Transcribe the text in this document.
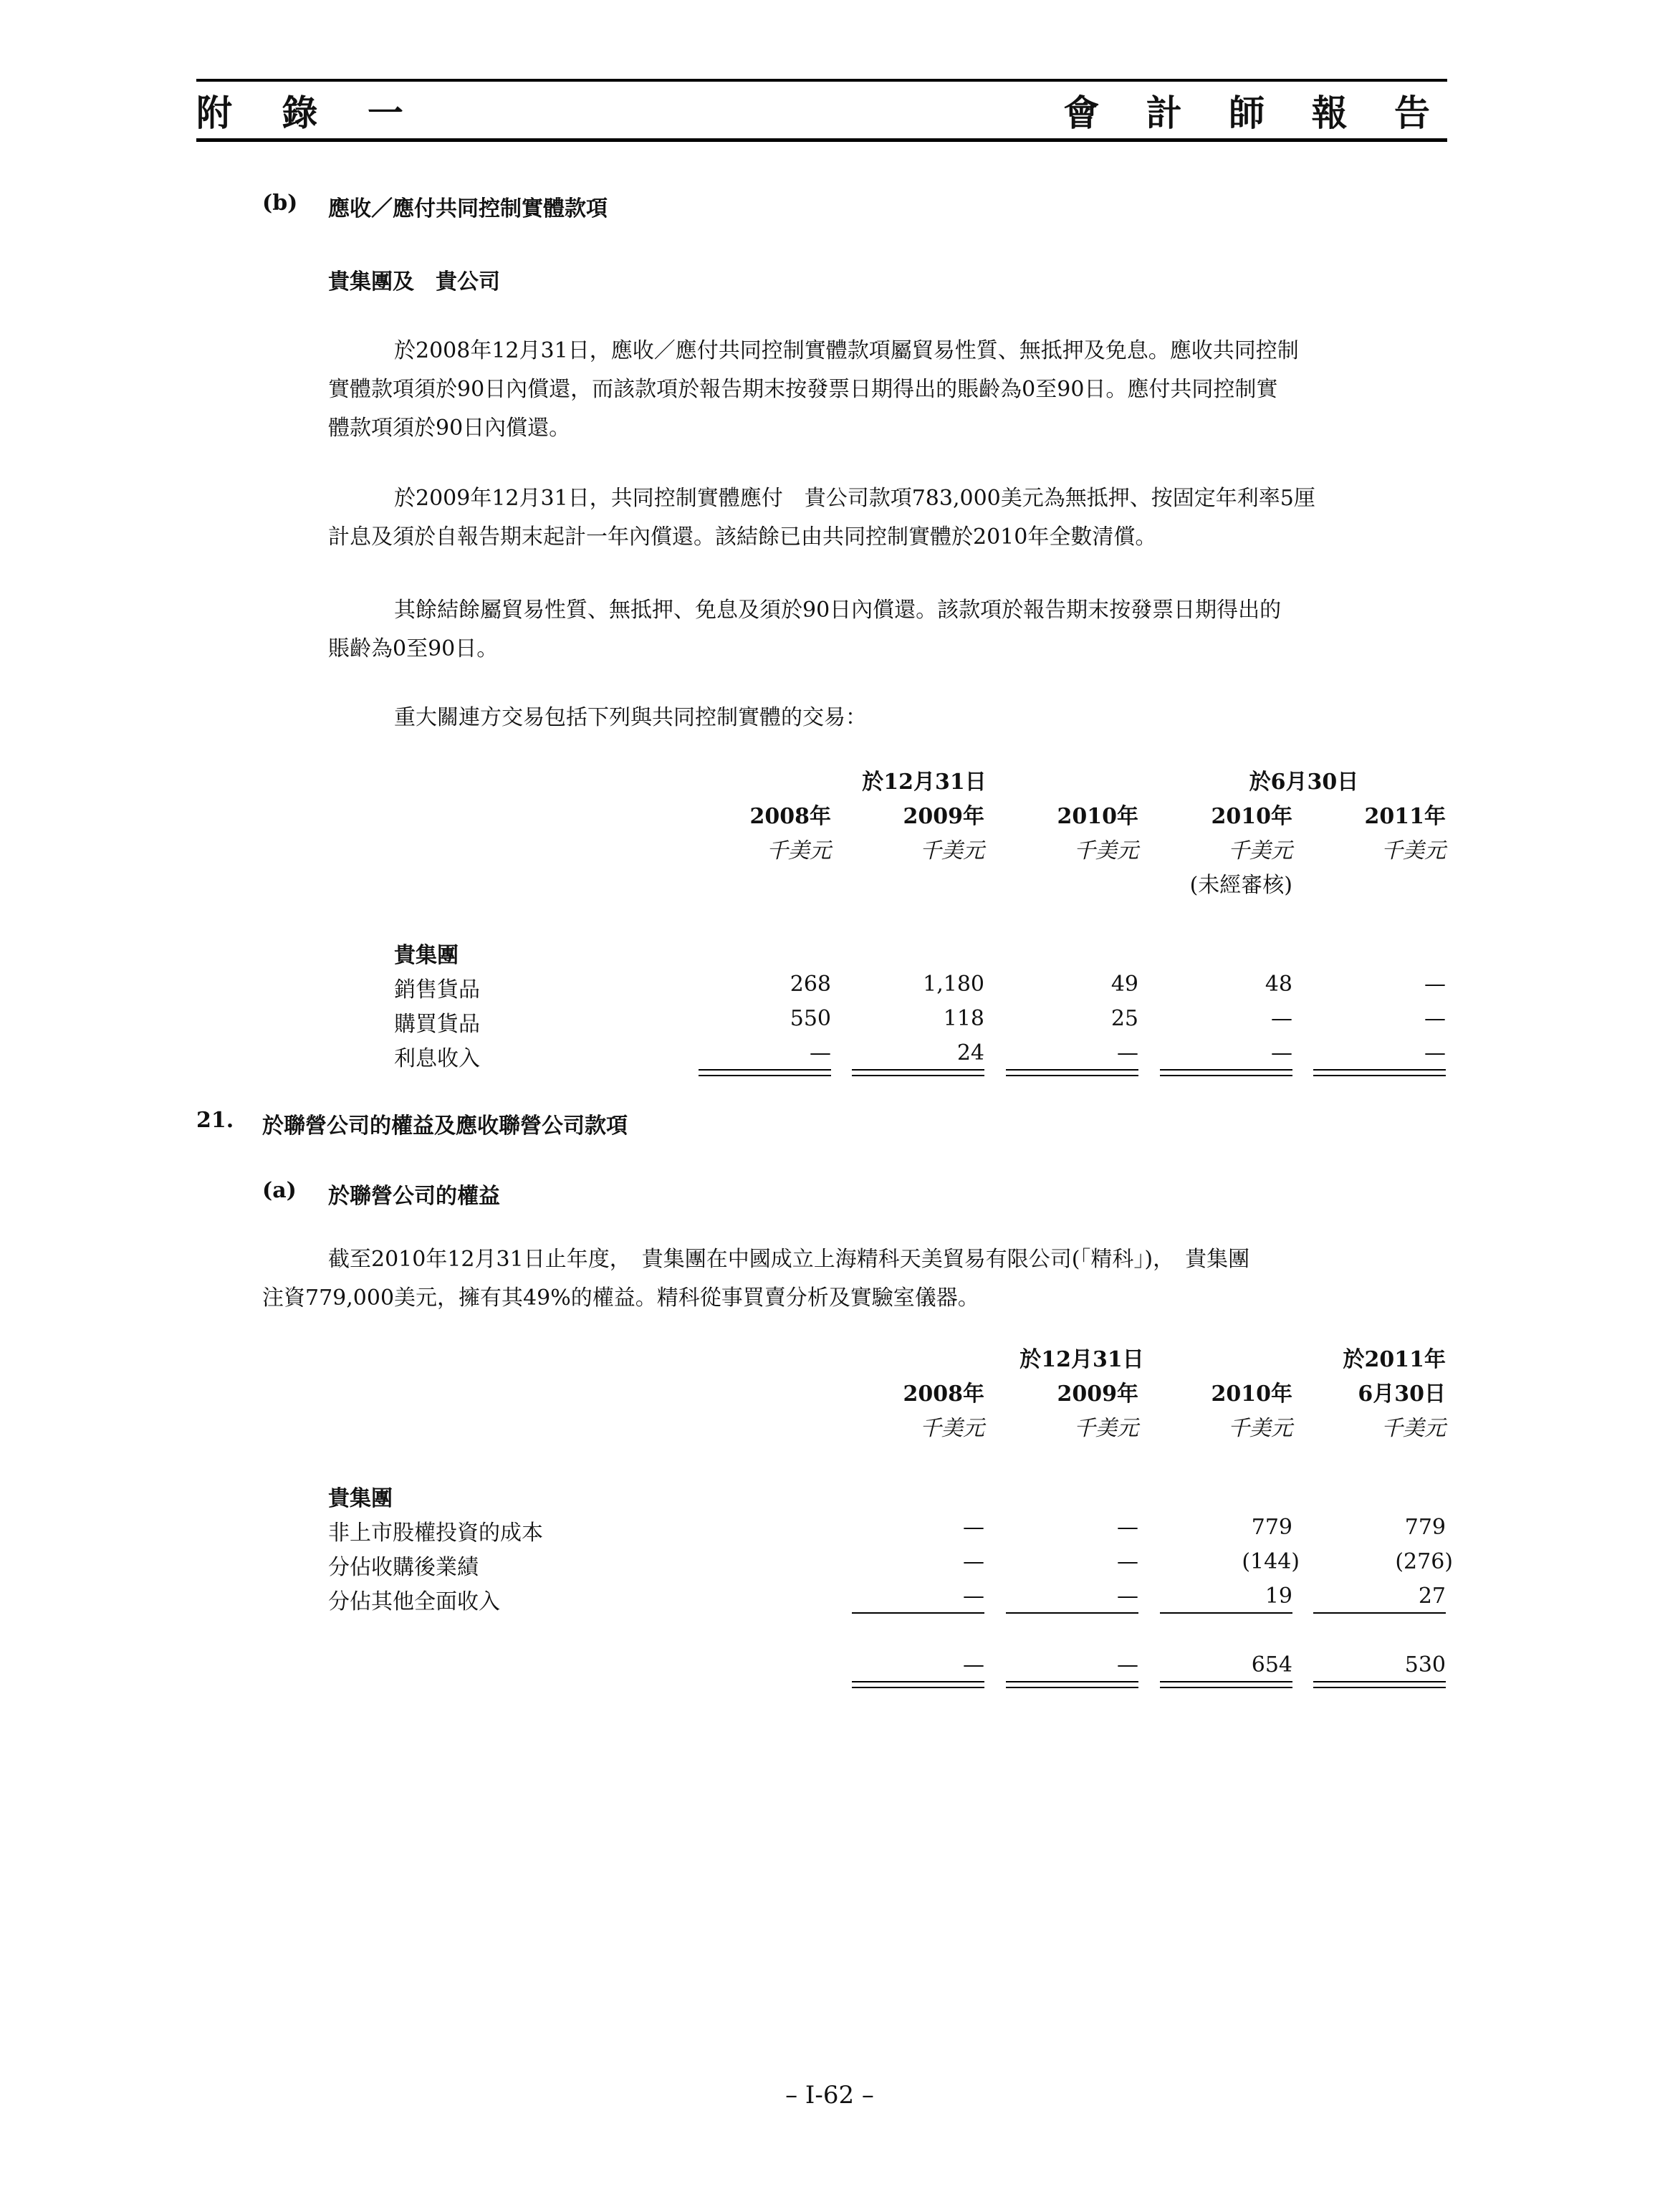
附 錄 一	會 計 師 報 告
(b) 應收／應付共同控制實體款項
貴集團及　貴公司
於2008年12月31日，應收／應付共同控制實體款項屬貿易性質、無抵押及免息。應收共同控制
實體款項須於90日內償還，而該款項於報告期末按發票日期得出的賬齡為0至90日。應付共同控制實
體款項須於90日內償還。
於2009年12月31日，共同控制實體應付　貴公司款項783,000美元為無抵押、按固定年利率5厘
計息及須於自報告期末起計一年內償還。該結餘已由共同控制實體於2010年全數清償。
其餘結餘屬貿易性質、無抵押、免息及須於90日內償還。該款項於報告期末按發票日期得出的
賬齡為0至90日。
重大關連方交易包括下列與共同控制實體的交易：
於12月31日	於6月30日
2008年	2009年	2010年	2010年	2011年
千美元	千美元	千美元	千美元	千美元
(未經審核)
貴集團
銷售貨品	268	1,180	49	48	—
購買貨品	550	118	25	—	—
利息收入	—	24	—	—	—
21. 於聯營公司的權益及應收聯營公司款項
(a) 於聯營公司的權益
截至2010年12月31日止年度，　貴集團在中國成立上海精科天美貿易有限公司(「精科」)，　貴集團
注資779,000美元，擁有其49%的權益。精科從事買賣分析及實驗室儀器。
於12月31日	於2011年
2008年	2009年	2010年	6月30日
千美元	千美元	千美元	千美元
貴集團
非上市股權投資的成本	—	—	779	779
分佔收購後業績	—	—	(144)	(276)
分佔其他全面收入	—	—	19	27
—	—	654	530
– I-62 –
